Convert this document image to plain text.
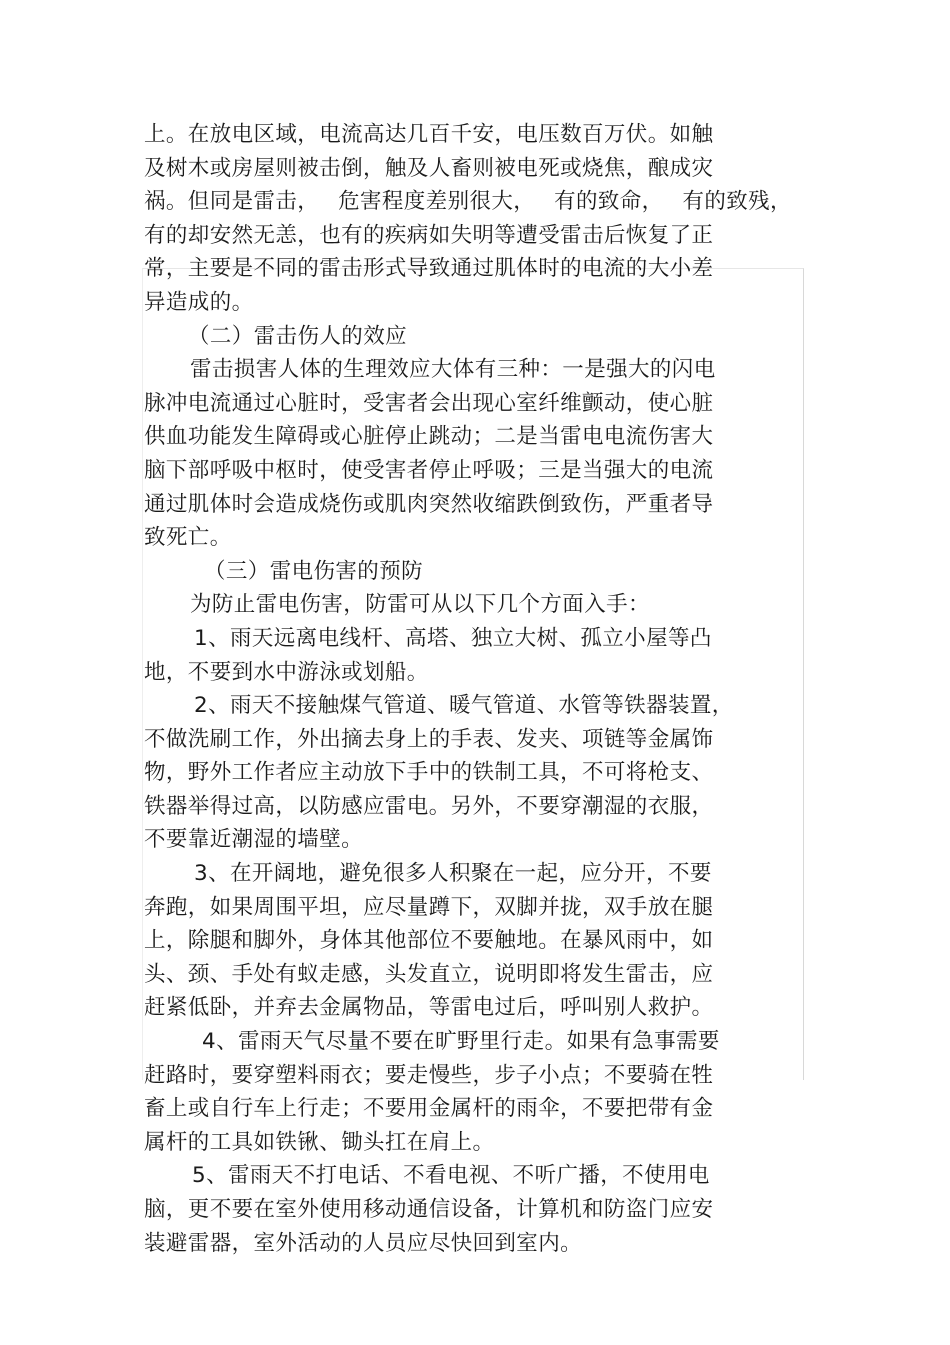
上。在放电区域，电流高达几百千安，电压数百万伏。如触
及树木或房屋则被击倒，触及人畜则被电死或烧焦，酿成灾
祸。但同是雷击， 危害程度差别很大， 有的致命， 有的致残，
有的却安然无恙，也有的疾病如失明等遭受雷击后恢复了正
常，主要是不同的雷击形式导致通过肌体时的电流的大小差
异造成的。
（二）雷击伤人的效应
雷击损害人体的生理效应大体有三种：一是强大的闪电
脉冲电流通过心脏时，受害者会出现心室纤维颤动，使心脏
供血功能发生障碍或心脏停止跳动；二是当雷电电流伤害大
脑下部呼吸中枢时，使受害者停止呼吸；三是当强大的电流
通过肌体时会造成烧伤或肌肉突然收缩跌倒致伤，严重者导
致死亡。
（三）雷电伤害的预防
为防止雷电伤害，防雷可从以下几个方面入手：
1、雨天远离电线杆、高塔、独立大树、孤立小屋等凸
地，不要到水中游泳或划船。
2、雨天不接触煤气管道、暖气管道、水管等铁器装置，
不做洗刷工作，外出摘去身上的手表、发夹、项链等金属饰
物，野外工作者应主动放下手中的铁制工具，不可将枪支、
铁器举得过高，以防感应雷电。另外，不要穿潮湿的衣服，
不要靠近潮湿的墙壁。
3、在开阔地，避免很多人积聚在一起，应分开，不要
奔跑，如果周围平坦，应尽量蹲下，双脚并拢，双手放在腿
上，除腿和脚外，身体其他部位不要触地。在暴风雨中，如
头、颈、手处有蚁走感，头发直立，说明即将发生雷击，应
赶紧低卧，并弃去金属物品，等雷电过后，呼叫别人救护。
4、雷雨天气尽量不要在旷野里行走。如果有急事需要
赶路时，要穿塑料雨衣；要走慢些，步子小点；不要骑在牲
畜上或自行车上行走；不要用金属杆的雨伞，不要把带有金
属杆的工具如铁锹、锄头扛在肩上。
5、雷雨天不打电话、不看电视、不听广播，不使用电
脑，更不要在室外使用移动通信设备，计算机和防盗门应安
装避雷器，室外活动的人员应尽快回到室内。
